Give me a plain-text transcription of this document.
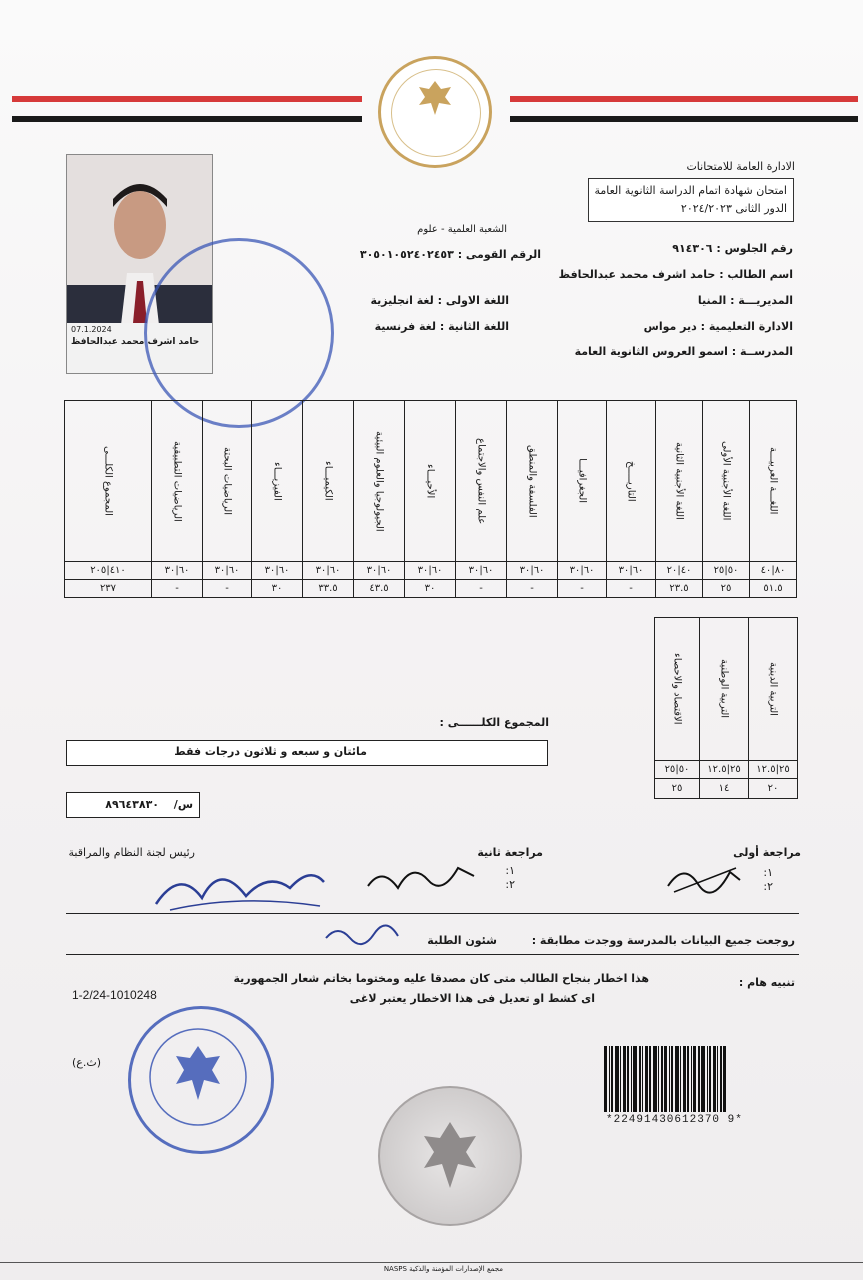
الادارة العامة للامتحانات
امتحان شهادة اتمام الدراسة الثانوية العامة
الدور الثانى ٢٠٢٤/٢٠٢٣
رقم الجلوس : ٩١٤٣٠٦
اسم الطالب : حامد اشرف محمد عبدالحافظ
المديريـــة : المنيا
الادارة التعليمية : دير مواس
المدرســة : اسمو العروس الثانوية العامة
الشعبة العلمية - علوم
الرقم القومى : ٣٠٥٠١٠٥٢٤٠٢٤٥٣
اللغة الاولى : لغة انجليزية
اللغة الثانية : لغة فرنسية
07.1.2024
حامد اشرف محمد عبدالحافظ
اللغـــة العربيـــة	اللغة الأجنبية الأولى	اللغة الأجنبية الثانية	التاريـــــخ	الجغرافيـــا	الفلسفة والمنطق	علم النفس والاجتماع	الأحيـــاء	الجيولوجيا والعلوم البيئية	الكيميـــاء	الفيزيـــاء	الرياضيات البحتة	الرياضيات التطبيقية	المجموع الكلـــى

٨٠|٤٠	٥٠|٢٥	٤٠|٢٠	٦٠|٣٠	٦٠|٣٠	٦٠|٣٠	٦٠|٣٠	٦٠|٣٠	٦٠|٣٠	٦٠|٣٠	٦٠|٣٠	٦٠|٣٠	٦٠|٣٠	٤١٠|٢٠٥
٥١.٥	٢٥	٢٣.٥	-	-	-	-	٣٠	٤٣.٥	٣٣.٥	٣٠	-	-	٢٣٧
التربية الدينية	التربية الوطنية	الاقتصاد والاحصاء

٢٥|١٢.٥	٢٥|١٢.٥	٥٠|٢٥
٢٠	١٤	٢٥
المجموع الكلــــــى :
مائتان و سبعه و ثلاثون درجات فقط
س/
٨٩٦٤٣٨٣٠
مراجعة أولى
١:
٢:
مراجعة ثانية
١:
٢:
رئيس لجنة النظام والمراقبة
روجعت جميع البيانات بالمدرسة ووجدت مطابقة :
شئون الطلبة
تنبيه هام :
هذا اخطار بنجاح الطالب متى كان مصدقا عليه ومختوما بخاتم شعار الجمهورية
اى كشط او تعديل فى هذا الاخطار يعتبر لاغى
1-2/24-1010248
(ث.ع)
*22491430612370 9*
مجمع الإصدارات المؤمنة والذكية NASPS
